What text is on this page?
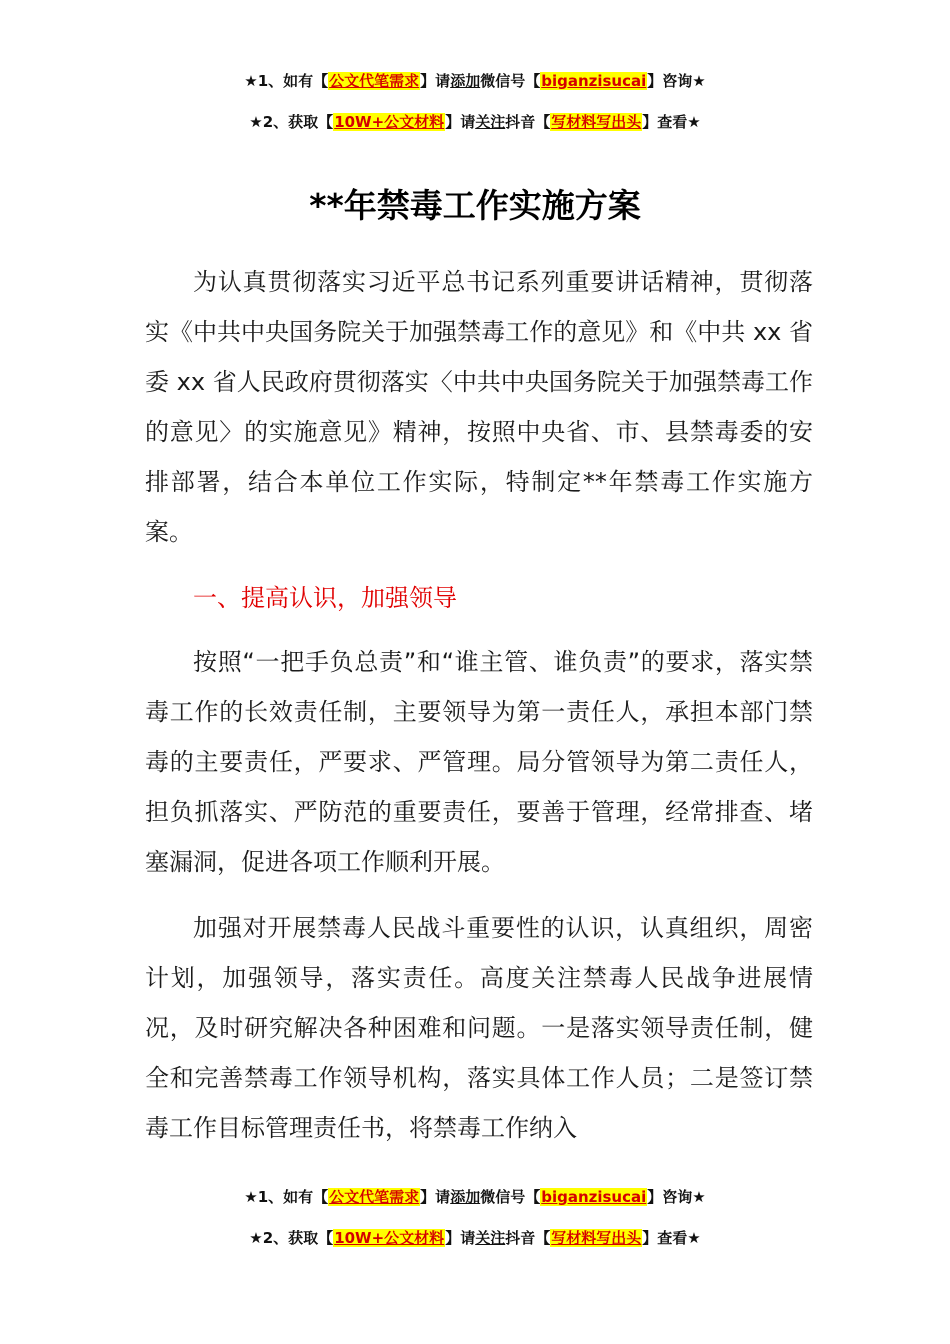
★1、如有【公文代笔需求】请添加微信号【biganzisucai】咨询★
★2、获取【10W+公文材料】请关注抖音【写材料写出头】查看★
**年禁毒工作实施方案

为认真贯彻落实习近平总书记系列重要讲话精神，贯彻落实《中共中央国务院关于加强禁毒工作的意见》和《中共 xx 省委 xx 省人民政府贯彻落实〈中共中央国务院关于加强禁毒工作的意见〉的实施意见》精神，按照中央省、市、县禁毒委的安排部署，结合本单位工作实际，特制定**年禁毒工作实施方案。

一、提高认识，加强领导

按照“一把手负总责”和“谁主管、谁负责”的要求，落实禁毒工作的长效责任制，主要领导为第一责任人，承担本部门禁毒的主要责任，严要求、严管理。局分管领导为第二责任人，担负抓落实、严防范的重要责任，要善于管理，经常排查、堵塞漏洞，促进各项工作顺利开展。

加强对开展禁毒人民战斗重要性的认识，认真组织，周密计划，加强领导，落实责任。高度关注禁毒人民战争进展情况，及时研究解决各种困难和问题。一是落实领导责任制，健全和完善禁毒工作领导机构，落实具体工作人员；二是签订禁毒工作目标管理责任书，将禁毒工作纳入

★1、如有【公文代笔需求】请添加微信号【biganzisucai】咨询★
★2、获取【10W+公文材料】请关注抖音【写材料写出头】查看★
